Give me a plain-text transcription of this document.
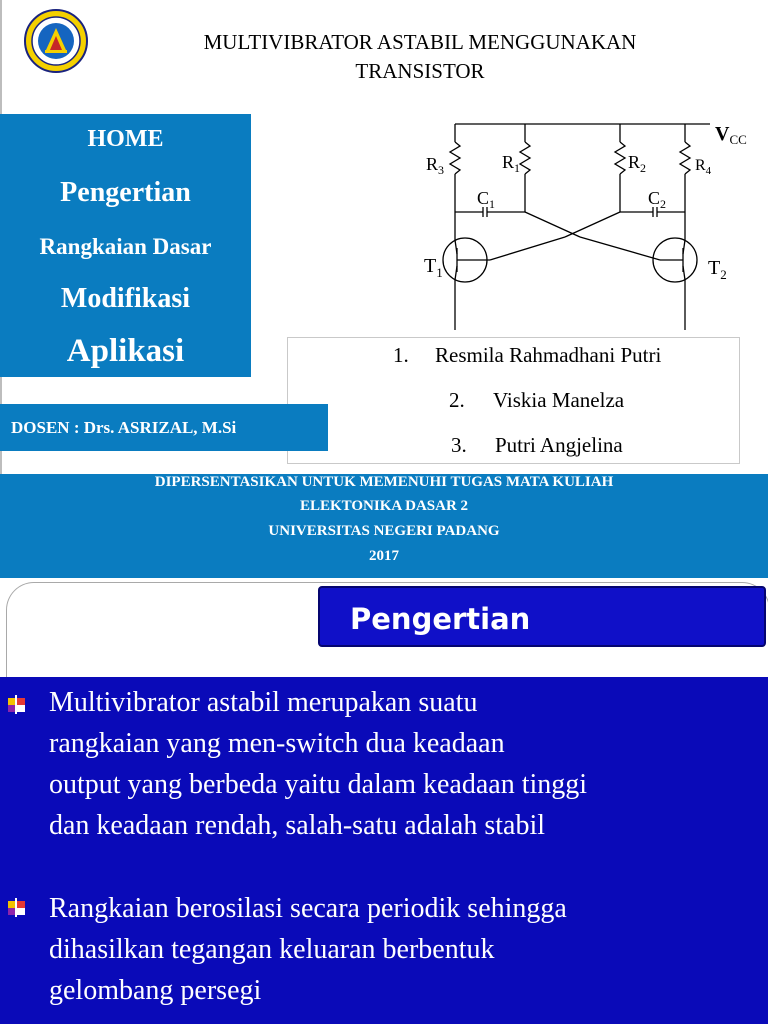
MULTIVIBRATOR ASTABIL MENGGUNAKAN
TRANSISTOR
HOME
Pengertian
Rangkaian Dasar
Modifikasi
Aplikasi
$V_{CC}$
$R_3$	$R_1$	$R_2$	$R_4$
$C_1$	$C_2$
$T_1$	$T_2$
1. Resmila Rahmadhani Putri
2. Viskia Manelza
3. Putri Angjelina
DOSEN : Drs. ASRIZAL, M.Si
DIPERSENTASIKAN UNTUK MEMENUHI TUGAS MATA KULIAH
ELEKTONIKA DASAR 2
UNIVERSITAS NEGERI PADANG
2017
Pengertian
Multivibrator astabil merupakan suatu
rangkaian yang men-switch dua keadaan
output yang berbeda yaitu dalam keadaan tinggi
dan keadaan rendah, salah-satu adalah stabil
Rangkaian berosilasi secara periodik sehingga
dihasilkan tegangan keluaran berbentuk
gelombang persegi
